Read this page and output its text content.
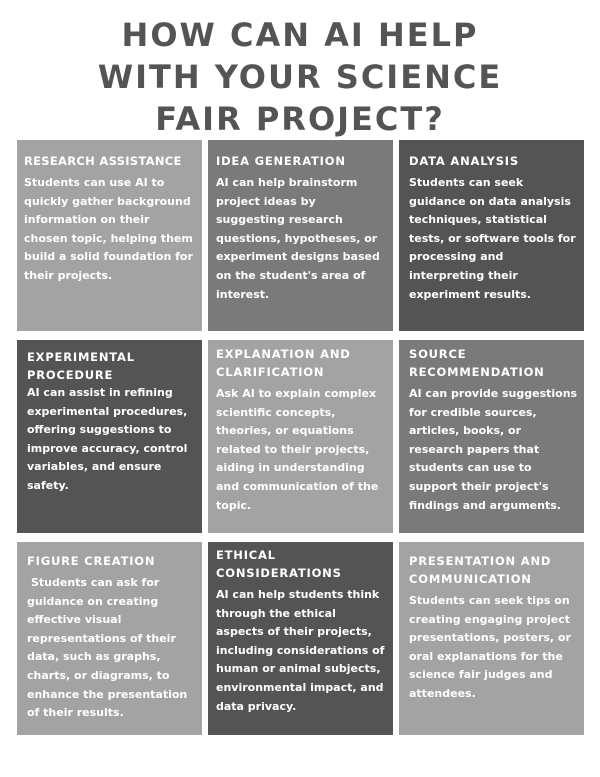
HOW CAN AI HELP
WITH YOUR SCIENCE
FAIR PROJECT?
RESEARCH ASSISTANCE
Students can use AI to quickly gather background information on their chosen topic, helping them build a solid foundation for their projects.
IDEA GENERATION
AI can help brainstorm project ideas by suggesting research questions, hypotheses, or experiment designs based on the student's area of interest.
DATA ANALYSIS
Students can seek guidance on data analysis techniques, statistical tests, or software tools for processing and interpreting their experiment results.
EXPERIMENTAL PROCEDURE
AI can assist in refining experimental procedures, offering suggestions to improve accuracy, control variables, and ensure safety.
EXPLANATION AND CLARIFICATION
Ask AI to explain complex scientific concepts, theories, or equations related to their projects, aiding in understanding and communication of the topic.
SOURCE RECOMMENDATION
AI can provide suggestions for credible sources, articles, books, or research papers that students can use to support their project's findings and arguments.
FIGURE CREATION
Students can ask for guidance on creating effective visual representations of their data, such as graphs, charts, or diagrams, to enhance the presentation of their results.
ETHICAL CONSIDERATIONS
AI can help students think through the ethical aspects of their projects, including considerations of human or animal subjects, environmental impact, and data privacy.
PRESENTATION AND COMMUNICATION
Students can seek tips on creating engaging project presentations, posters, or oral explanations for the science fair judges and attendees.
